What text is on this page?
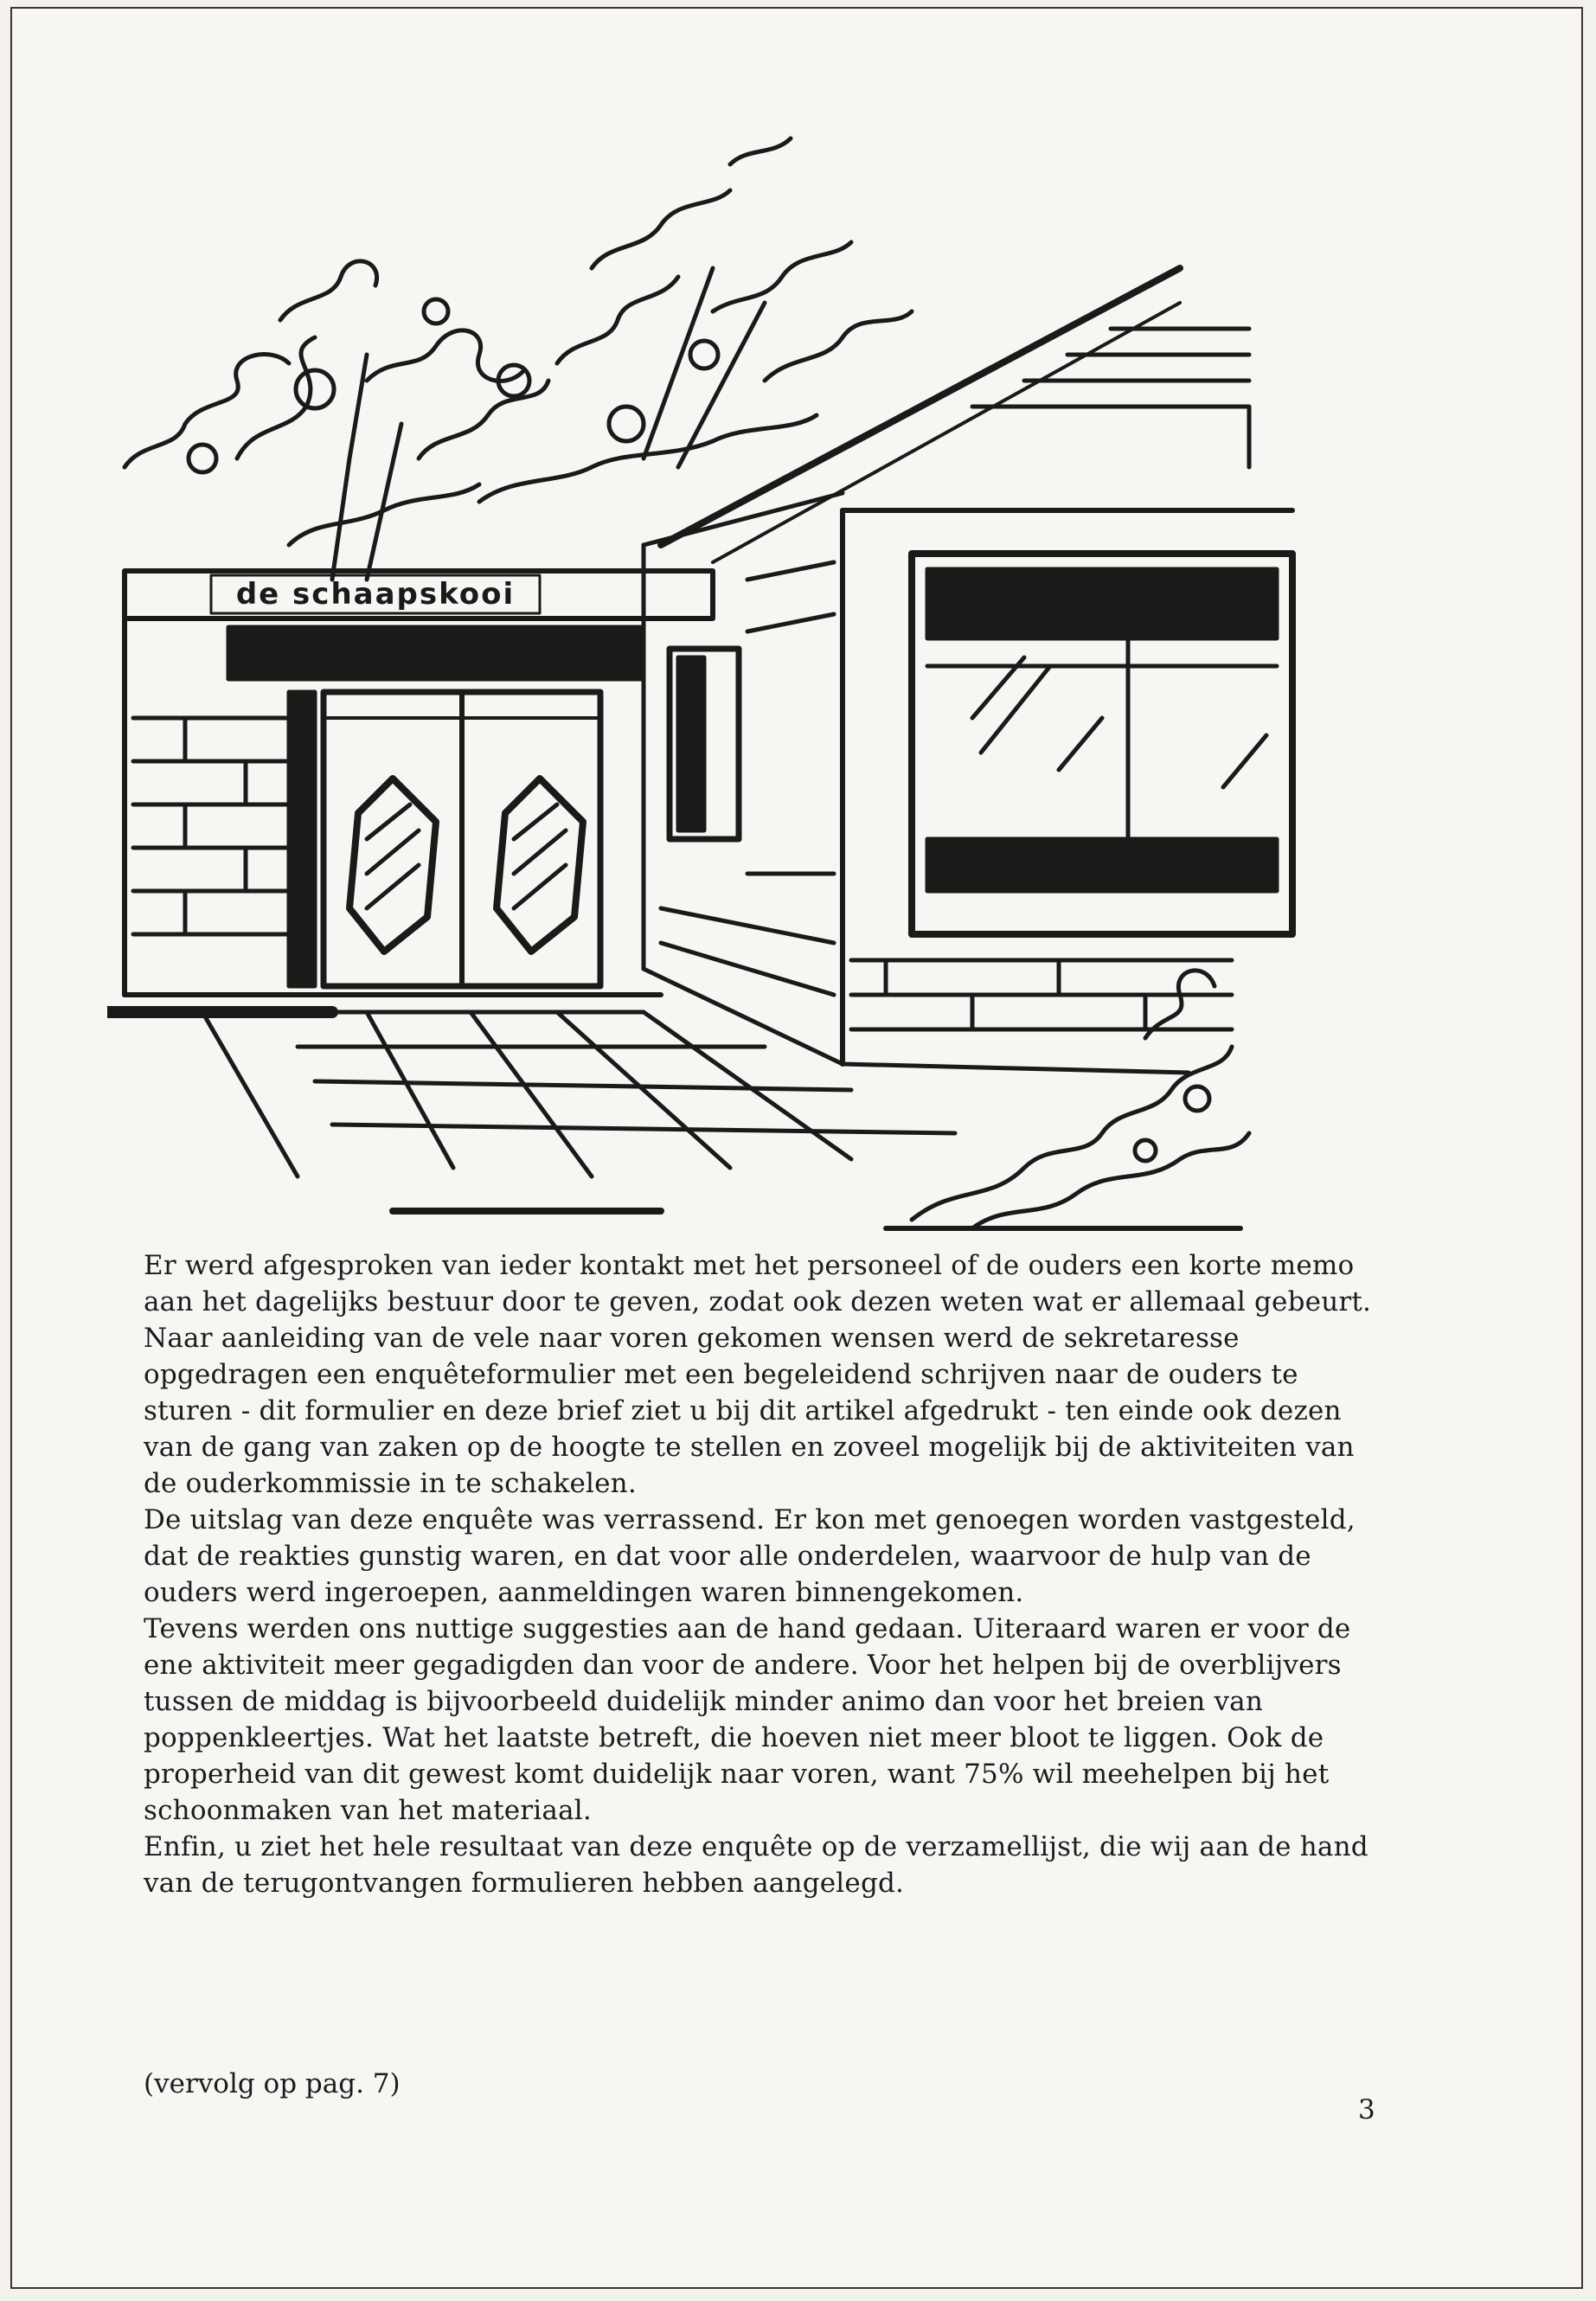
de schaapskooi

Er werd afgesproken van ieder kontakt met het personeel of de ouders een korte memo aan het dagelijks bestuur door te geven, zodat ook dezen weten wat er allemaal gebeurt.

Naar aanleiding van de vele naar voren gekomen wensen werd de sekretaresse opgedragen een enquêteformulier met een begeleidend schrijven naar de ouders te sturen - dit formulier en deze brief ziet u bij dit artikel afgedrukt - ten einde ook dezen van de gang van zaken op de hoogte te stellen en zoveel mogelijk bij de aktiviteiten van de ouderkommissie in te schakelen.

De uitslag van deze enquête was verrassend. Er kon met genoegen worden vastgesteld, dat de reakties gunstig waren, en dat voor alle onderdelen, waarvoor de hulp van de ouders werd ingeroepen, aanmeldingen waren binnengekomen.

Tevens werden ons nuttige suggesties aan de hand gedaan. Uiteraard waren er voor de ene aktiviteit meer gegadigden dan voor de andere. Voor het helpen bij de overblijvers tussen de middag is bijvoorbeeld duidelijk minder animo dan voor het breien van poppenkleertjes. Wat het laatste betreft, die hoeven niet meer bloot te liggen. Ook de properheid van dit gewest komt duidelijk naar voren, want 75% wil meehelpen bij het schoonmaken van het materiaal.

Enfin, u ziet het hele resultaat van deze enquête op de verzamellijst, die wij aan de hand van de terugontvangen formulieren hebben aangelegd.

(vervolg op pag. 7)
3
